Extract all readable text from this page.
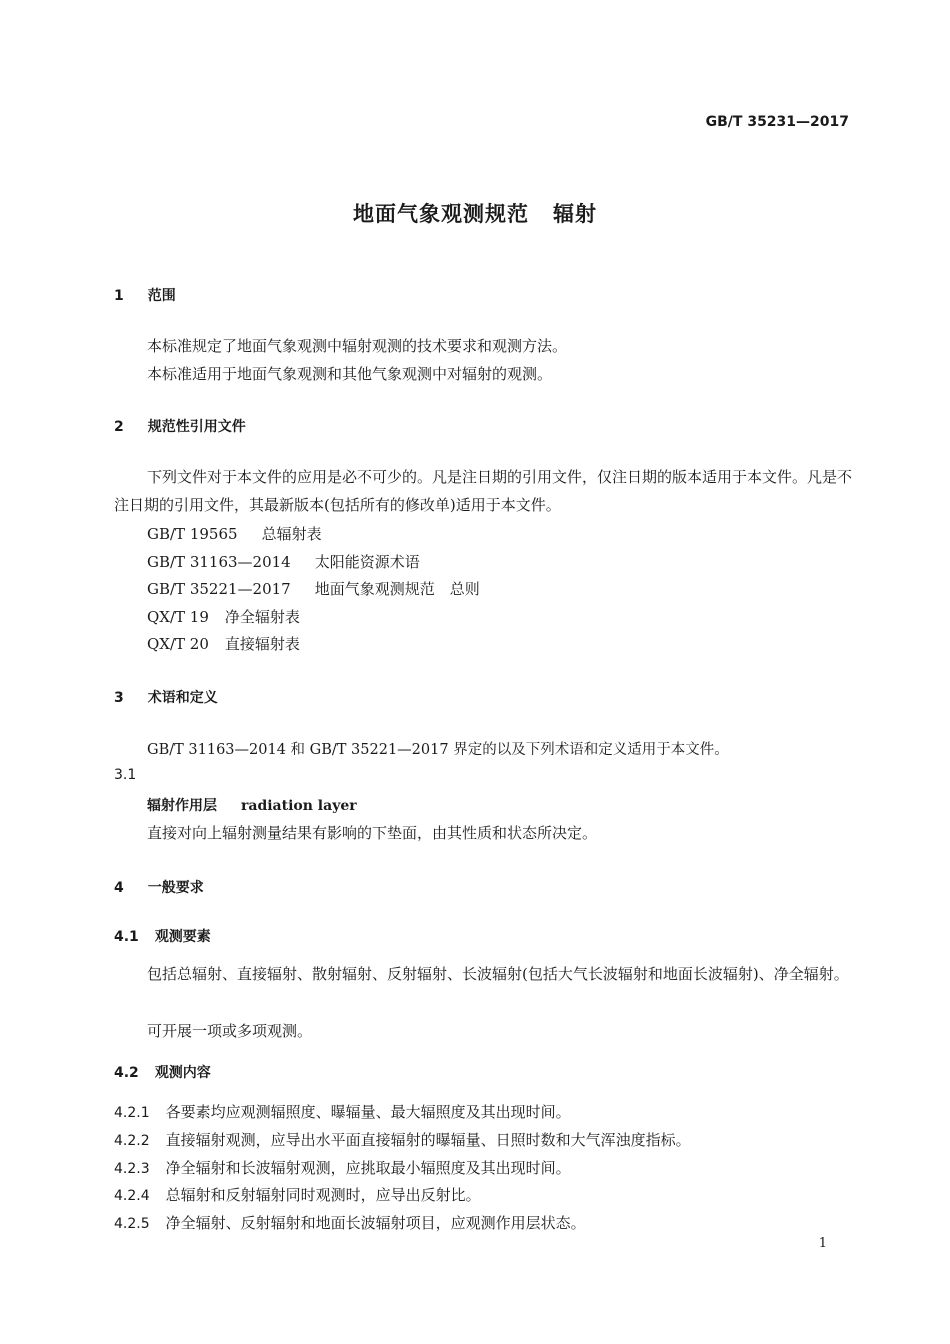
GB/T 35231—2017
地面气象观测规范 辐射
1 范围
本标准规定了地面气象观测中辐射观测的技术要求和观测方法。
本标准适用于地面气象观测和其他气象观测中对辐射的观测。
2 规范性引用文件
下列文件对于本文件的应用是必不可少的。凡是注日期的引用文件，仅注日期的版本适用于本文件。凡是不注日期的引用文件，其最新版本(包括所有的修改单)适用于本文件。
GB/T 19565 总辐射表
GB/T 31163—2014 太阳能资源术语
GB/T 35221—2017 地面气象观测规范　总则
QX/T 19 净全辐射表
QX/T 20 直接辐射表
3 术语和定义
GB/T 31163—2014 和 GB/T 35221—2017 界定的以及下列术语和定义适用于本文件。
3.1
辐射作用层 radiation layer
直接对向上辐射测量结果有影响的下垫面，由其性质和状态所决定。
4 一般要求
4.1 观测要素
包括总辐射、直接辐射、散射辐射、反射辐射、长波辐射(包括大气长波辐射和地面长波辐射)、净全辐射。
可开展一项或多项观测。
4.2 观测内容
4.2.1 各要素均应观测辐照度、曝辐量、最大辐照度及其出现时间。
4.2.2 直接辐射观测，应导出水平面直接辐射的曝辐量、日照时数和大气浑浊度指标。
4.2.3 净全辐射和长波辐射观测，应挑取最小辐照度及其出现时间。
4.2.4 总辐射和反射辐射同时观测时，应导出反射比。
4.2.5 净全辐射、反射辐射和地面长波辐射项目，应观测作用层状态。
1
